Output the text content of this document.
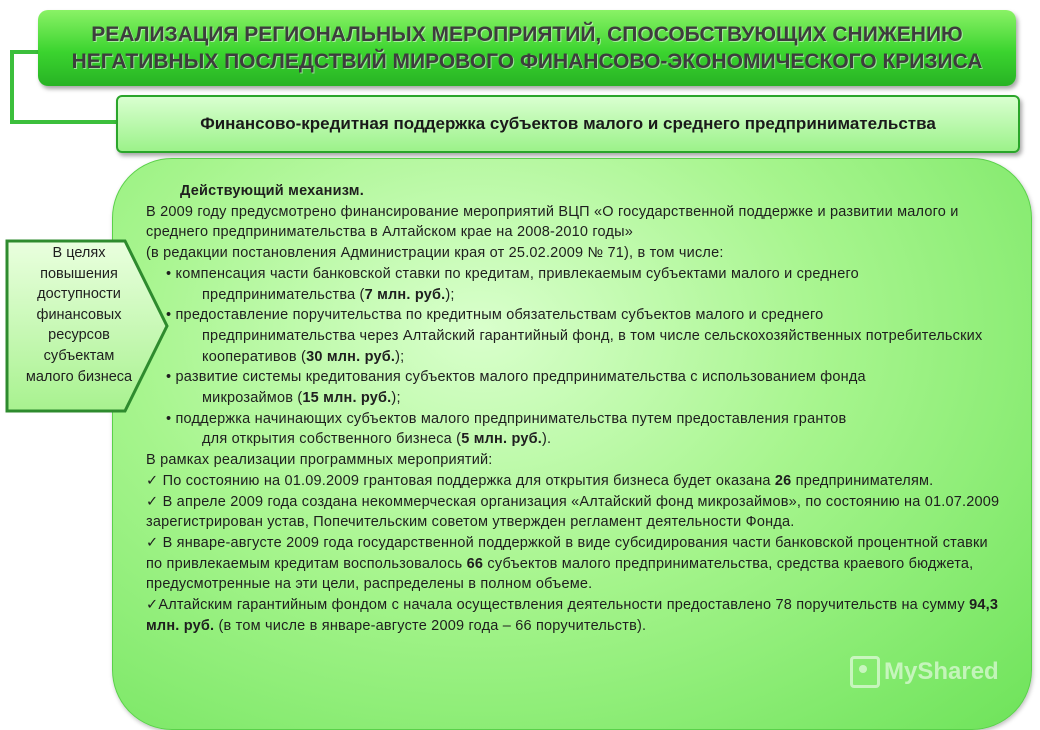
РЕАЛИЗАЦИЯ РЕГИОНАЛЬНЫХ МЕРОПРИЯТИЙ, СПОСОБСТВУЮЩИХ СНИЖЕНИЮ НЕГАТИВНЫХ ПОСЛЕДСТВИЙ МИРОВОГО ФИНАНСОВО-ЭКОНОМИЧЕСКОГО КРИЗИСА
Финансово-кредитная поддержка субъектов малого и среднего предпринимательства

Действующий механизм.

В 2009 году предусмотрено финансирование мероприятий ВЦП «О государственной поддержке и развитии малого и среднего предпринимательства в Алтайском крае на 2008-2010 годы»

(в редакции постановления Администрации края от 25.02.2009 № 71), в том числе:

• компенсация части банковской ставки по кредитам, привлекаемым субъектами малого и среднего

предпринимательства (7 млн. руб.);

• предоставление поручительства по кредитным обязательствам субъектов малого и среднего

предпринимательства через Алтайский гарантийный фонд, в том числе сельскохозяйственных потребительских кооперативов (30 млн. руб.);

• развитие системы кредитования субъектов малого предпринимательства с использованием фонда

микрозаймов (15 млн. руб.);

• поддержка начинающих субъектов малого предпринимательства путем предоставления грантов

для открытия собственного бизнеса (5 млн. руб.).

В рамках реализации программных мероприятий:

✓ По состоянию на 01.09.2009 грантовая поддержка для открытия бизнеса будет оказана 26 предпринимателям.

✓ В апреле 2009 года создана некоммерческая организация «Алтайский фонд микрозаймов», по состоянию на 01.07.2009 зарегистрирован устав, Попечительским советом утвержден регламент деятельности Фонда.

✓ В январе-августе 2009 года государственной поддержкой в виде субсидирования части банковской процентной ставки по привлекаемым кредитам воспользовалось 66 субъектов малого предпринимательства, средства краевого бюджета, предусмотренные на эти цели, распределены в полном объеме.

✓Алтайским гарантийным фондом с начала осуществления деятельности предоставлено 78 поручительств на сумму 94,3 млн. руб. (в том числе в январе-августе 2009 года – 66 поручительств).

В целях повышения доступности финансовых ресурсов субъектам малого бизнеса
MyShared
